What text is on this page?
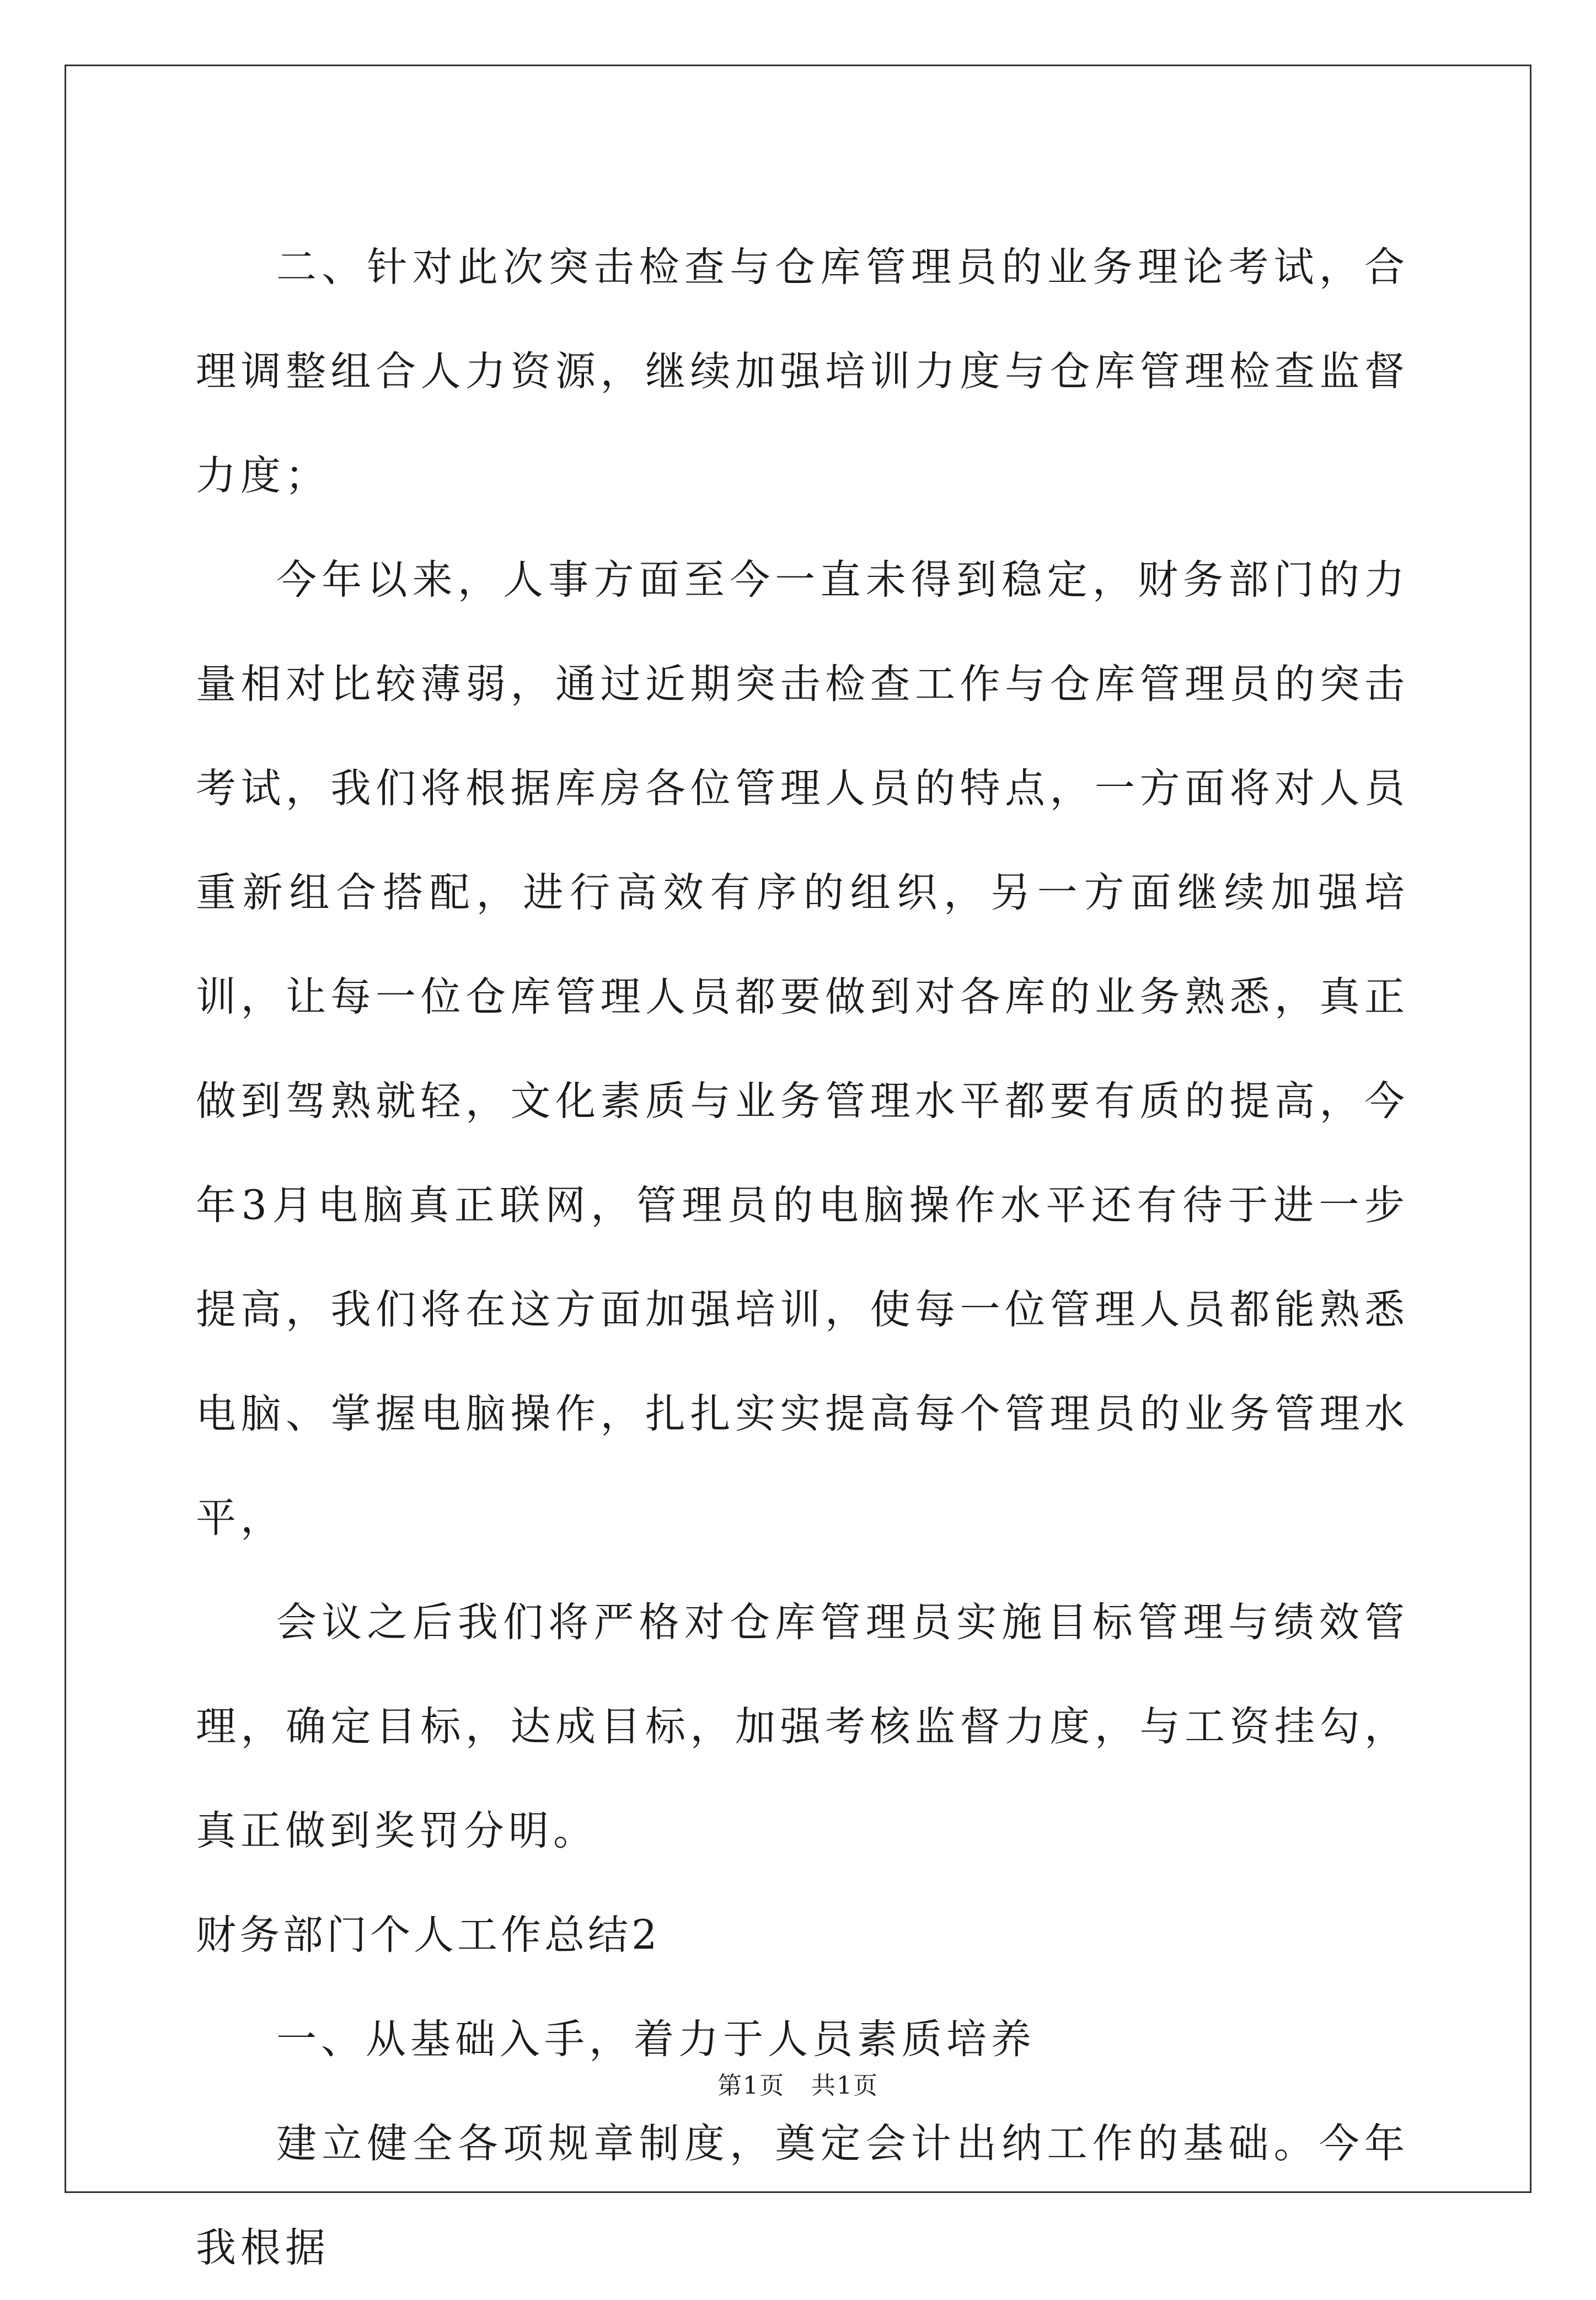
二、针对此次突击检查与仓库管理员的业务理论考试，合理调整组合人力资源，继续加强培训力度与仓库管理检查监督力度；

今年以来，人事方面至今一直未得到稳定，财务部门的力量相对比较薄弱，通过近期突击检查工作与仓库管理员的突击考试，我们将根据库房各位管理人员的特点，一方面将对人员重新组合搭配，进行高效有序的组织，另一方面继续加强培训，让每一位仓库管理人员都要做到对各库的业务熟悉，真正做到驾熟就轻，文化素质与业务管理水平都要有质的提高，今年3月电脑真正联网，管理员的电脑操作水平还有待于进一步提高，我们将在这方面加强培训，使每一位管理人员都能熟悉电脑、掌握电脑操作，扎扎实实提高每个管理员的业务管理水平，

会议之后我们将严格对仓库管理员实施目标管理与绩效管理，确定目标，达成目标，加强考核监督力度，与工资挂勾，真正做到奖罚分明。

财务部门个人工作总结2

一、从基础入手，着力于人员素质培养

建立健全各项规章制度，奠定会计出纳工作的基础。今年我根据

第1页 共1页
